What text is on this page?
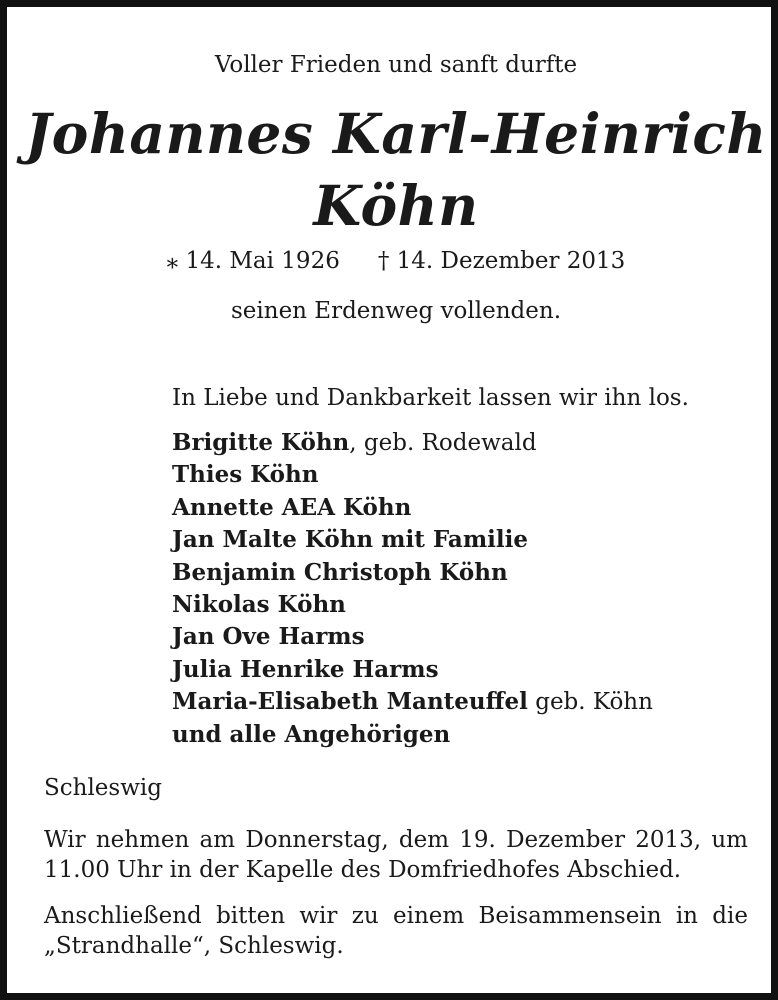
Voller Frieden und sanft durfte
Johannes Karl-Heinrich
Köhn
⁎ 14. Mai 1926 † 14. Dezember 2013
seinen Erdenweg vollenden.
In Liebe und Dankbarkeit lassen wir ihn los.
Brigitte Köhn, geb. Rodewald
Thies Köhn
Annette AEA Köhn
Jan Malte Köhn mit Familie
Benjamin Christoph Köhn
Nikolas Köhn
Jan Ove Harms
Julia Henrike Harms
Maria-Elisabeth Manteuffel geb. Köhn
und alle Angehörigen
Schleswig
Wir nehmen am Donnerstag, dem 19. Dezember 2013, um
11.00 Uhr in der Kapelle des Domfriedhofes Abschied.
Anschließend bitten wir zu einem Beisammensein in die
„Strandhalle“, Schleswig.
